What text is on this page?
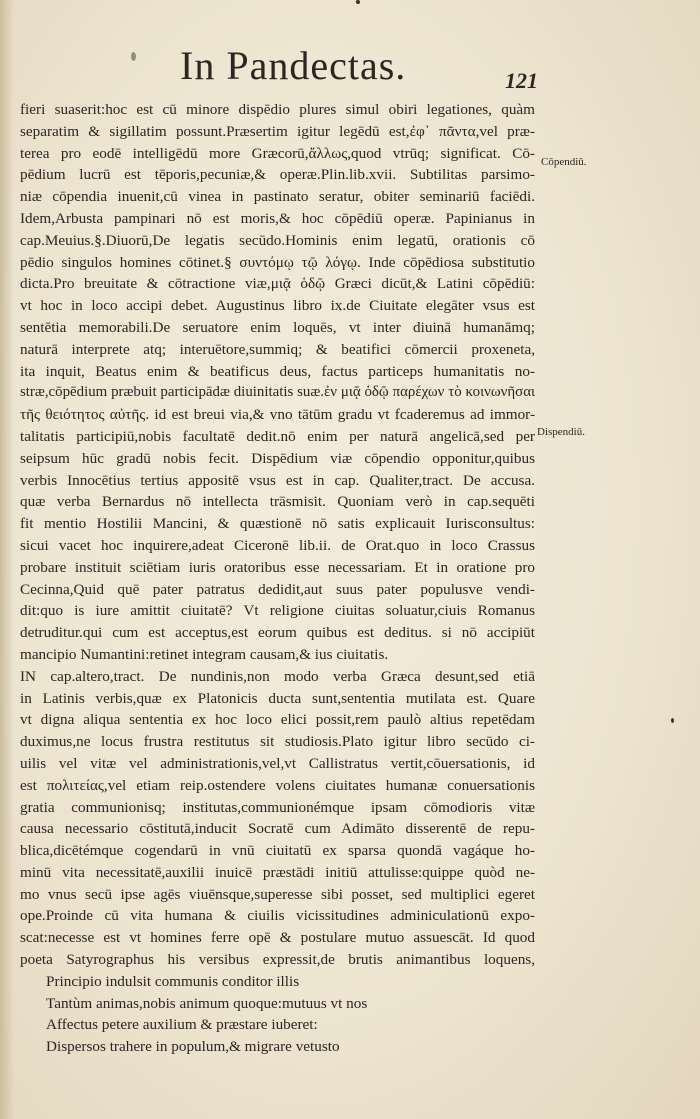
In Pandectas.	121
Cōpendiū.
Dispendiū.
fieri suaserit:hoc est cū minore dispēdio plures simul obiri legationes, quàm
separatim & sigillatim possunt.Præsertim igitur legēdū est,ἐφ᾽ πᾶντα,vel præ-
terea pro eodē intelligēdū more Græcorū,ἄλλως,quod vtrūq; significat. Cō-
pēdium lucrū est tēporis,pecuniæ,& operæ.Plin.lib.xvii. Subtilitas parsimo-
niæ cōpendia inuenit,cū vinea in pastinato seratur, obiter seminariū faciēdi.
Idem,Arbusta pampinari nō est moris,& hoc cōpēdiū operæ. Papinianus in
cap.Meuius.§.Diuorū,De legatis secūdo.Hominis enim legatū, orationis cō
pēdio singulos homines cōtinet.§ συντόμῳ τῷ λόγῳ. Inde cōpēdiosa substitutio
dicta.Pro breuitate & cōtractione viæ,μιᾷ ὁδῷ Græci dicūt,& Latini cōpēdiū:
vt hoc in loco accipi debet. Augustinus libro ix.de Ciuitate elegāter vsus est
sentētia memorabili.De seruatore enim loquēs, vt inter diuinā humanāmq;
naturā interprete atq; interuētore,summiq; & beatifici cōmercii proxeneta,
ita inquit, Beatus enim & beatificus deus, factus particeps humanitatis no-
stræ,cōpēdium præbuit participādæ diuinitatis suæ.ἐν μιᾷ ὁδῷ παρέχων τὸ κοινωνῆσαι
τῆς θειότητος αὐτῆς. id est breui via,& vno tātūm gradu vt fcaderemus ad immor-
talitatis participiū,nobis facultatē dedit.nō enim per naturā angelicā,sed per
seipsum hūc gradū nobis fecit. Dispēdium viæ cōpendio opponitur,quibus
verbis Innocētius tertius appositē vsus est in cap. Qualiter,tract. De accusa.
quæ verba Bernardus nō intellecta trāsmisit. Quoniam verò in cap.sequēti
fit mentio Hostilii Mancini, & quæstionē nō satis explicauit Iurisconsultus:
sicui vacet hoc inquirere,adeat Ciceronē lib.ii. de Orat.quo in loco Crassus
probare instituit sciētiam iuris oratoribus esse necessariam. Et in oratione pro
Cecinna,Quid quē pater patratus dedidit,aut suus pater populusve vendi-
dit:quo is iure amittit ciuitatē? Vt religione ciuitas soluatur,ciuis Romanus
detruditur.qui cum est acceptus,est eorum quibus est deditus. si nō accipiūt
mancipio Numantini:retinet integram causam,& ius ciuitatis.
IN cap.altero,tract. De nundinis,non modo verba Græca desunt,sed etiā
in Latinis verbis,quæ ex Platonicis ducta sunt,sententia mutilata est. Quare
vt digna aliqua sententia ex hoc loco elici possit,rem paulò altius repetēdam
duximus,ne locus frustra restitutus sit studiosis.Plato igitur libro secūdo ci-
uilis vel vitæ vel administrationis,vel,vt Callistratus vertit,cōuersationis, id
est πολιτείας,vel etiam reip.ostendere volens ciuitates humanæ conuersationis
gratia communionisq; institutas,communionémque ipsam cōmodioris vitæ
causa necessario cōstitutā,inducit Socratē cum Adimāto disserentē de repu-
blica,dicētémque cogendarū in vnū ciuitatū ex sparsa quondā vagáque ho-
minū vita necessitatē,auxilii inuicē præstādi initiū attulisse:quippe quòd ne-
mo vnus secū ipse agēs viuēnsque,superesse sibi posset, sed multiplici egeret
ope.Proinde cū vita humana & ciuilis vicissitudines adminiculationū expo-
scat:necesse est vt homines ferre opē & postulare mutuo assuescāt. Id quod
poeta Satyrographus his versibus expressit,de brutis animantibus loquens,
Principio indulsit communis conditor illis
Tantùm animas,nobis animum quoque:mutuus vt nos
Affectus petere auxilium & præstare iuberet:
Dispersos trahere in populum,& migrare vetusto
